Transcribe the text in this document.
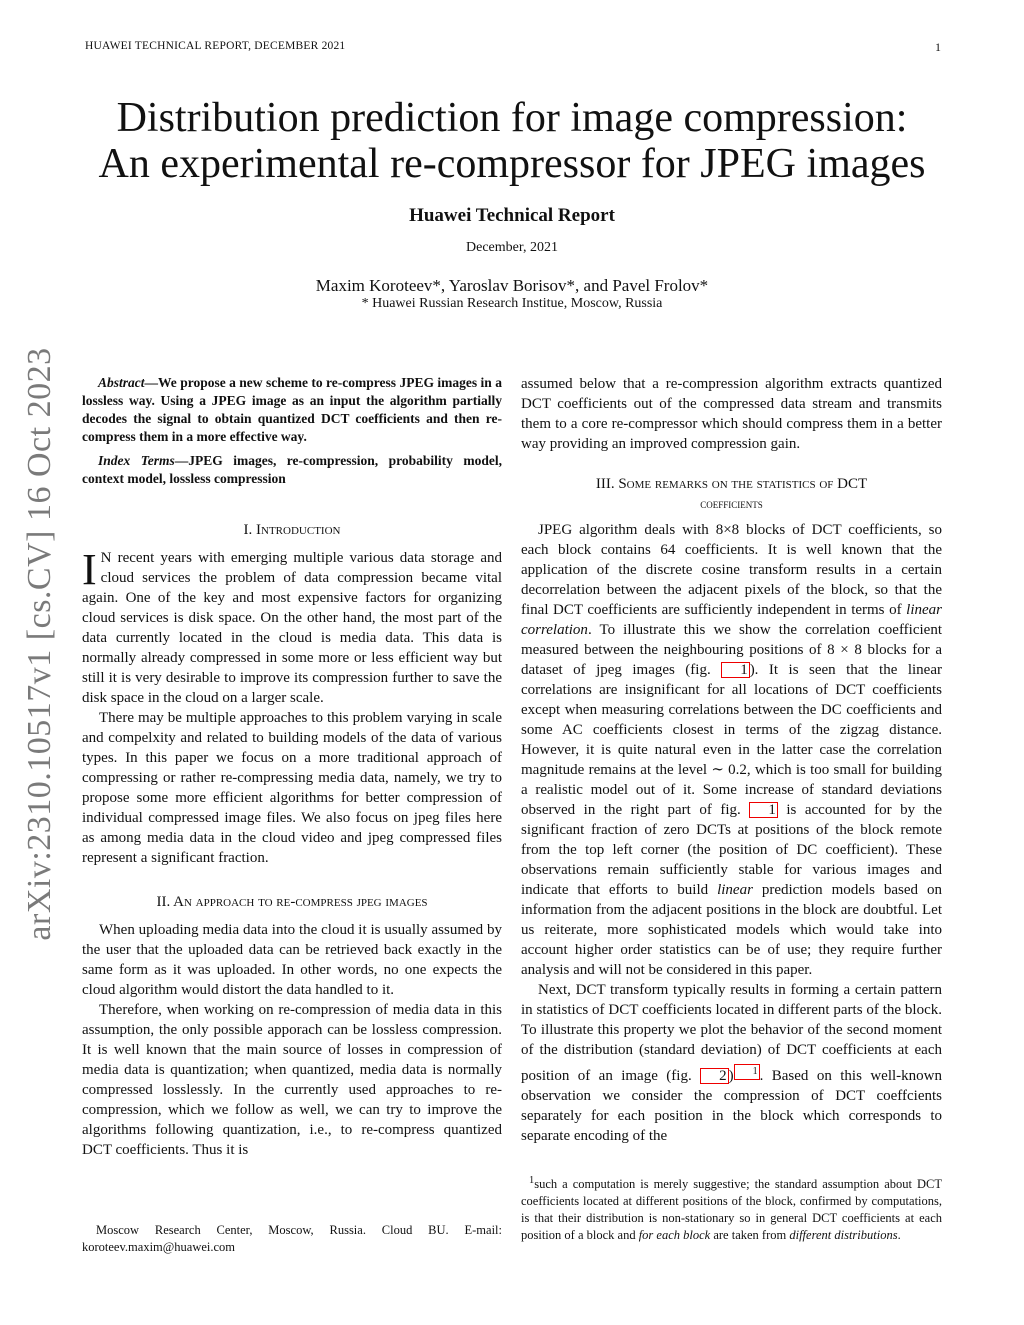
HUAWEI TECHNICAL REPORT, DECEMBER 2021	1
Distribution prediction for image compression:
An experimental re-compressor for JPEG images
Huawei Technical Report
December, 2021
Maxim Koroteev*, Yaroslav Borisov*, and Pavel Frolov*
* Huawei Russian Research Institue, Moscow, Russia
arXiv:2310.10517v1 [cs.CV] 16 Oct 2023	Abstract—We propose a new scheme to re-compress JPEG images in a lossless way. Using a JPEG image as an input the algorithm partially decodes the signal to obtain quantized DCT coefficients and then re-compress them in a more effective way.

Index Terms—JPEG images, re-compression, probability model, context model, lossless compression

I. Introduction

I N recent years with emerging multiple various data storage and cloud services the problem of data compression became vital again. One of the key and most expensive factors for organizing cloud services is disk space. On the other hand, the most part of the data currently located in the cloud is media data. This data is normally already compressed in some more or less efficient way but still it is very desirable to improve its compression further to save the disk space in the cloud on a larger scale.

There may be multiple approaches to this problem varying in scale and compelxity and related to building models of the data of various types. In this paper we focus on a more traditional approach of compressing or rather re-compressing media data, namely, we try to propose some more efficient algorithms for better compression of individual compressed image files. We also focus on jpeg files here as among media data in the cloud video and jpeg compressed files represent a significant fraction.

II. An approach to re-compress jpeg images

When uploading media data into the cloud it is usually assumed by the user that the uploaded data can be retrieved back exactly in the same form as it was uploaded. In other words, no one expects the cloud algorithm would distort the data handled to it.

Therefore, when working on re-compression of media data in this assumption, the only possible apporach can be lossless compression. It is well known that the main source of losses in compression of media data is quantization; when quantized, media data is normally compressed losslessly. In the currently used approaches to re-compression, which we follow as well, we can try to improve the algorithms following quantization, i.e., to re-compress quantized DCT coefficients. Thus it is

Moscow Research Center, Moscow, Russia. Cloud BU. E-mail: koroteev.maxim@huawei.com

assumed below that a re-compression algorithm extracts quantized DCT coefficients out of the compressed data stream and transmits them to a core re-compressor which should compress them in a better way providing an improved compression gain.

III. Some remarks on the statistics of DCT

coefficients

JPEG algorithm deals with 8×8 blocks of DCT coefficients, so each block contains 64 coefficients. It is well known that the application of the discrete cosine transform results in a certain decorrelation between the adjacent pixels of the block, so that the final DCT coefficients are sufficiently independent in terms of linear correlation. To illustrate this we show the correlation coefficient measured between the neighbouring positions of 8 × 8 blocks for a dataset of jpeg images (fig. 1 ). It is seen that the linear correlations are insignificant for all locations of DCT coefficients except when measuring correlations between the DC coefficients and some AC coefficients closest in terms of the zigzag distance. However, it is quite natural even in the latter case the correlation magnitude remains at the level ∼ 0.2, which is too small for building a realistic model out of it. Some increase of standard deviations observed in the right part of fig. 1 is accounted for by the significant fraction of zero DCTs at positions of the block remote from the top left corner (the position of DC coefficient). These observations remain sufficiently stable for various images and indicate that efforts to build linear prediction models based on information from the adjacent positions in the block are doubtful. Let us reiterate, more sophisticated models which would take into account higher order statistics can be of use; they require further analysis and will not be considered in this paper.

Next, DCT transform typically results in forming a certain pattern in statistics of DCT coefficients located in different parts of the block. To illustrate this property we plot the behavior of the second moment of the distribution (standard deviation) of DCT coefficients at each position of an image (fig. 2 ) $^1$ . Based on this well-known observation we consider the compression of DCT coeffcients separately for each position in the block which corresponds to separate encoding of the

$^1$such a computation is merely suggestive; the standard assumption about DCT coefficients located at different positions of the block, confirmed by computations, is that their distribution is non-stationary so in general DCT coefficients at each position of a block and for each block are taken from different distributions.
